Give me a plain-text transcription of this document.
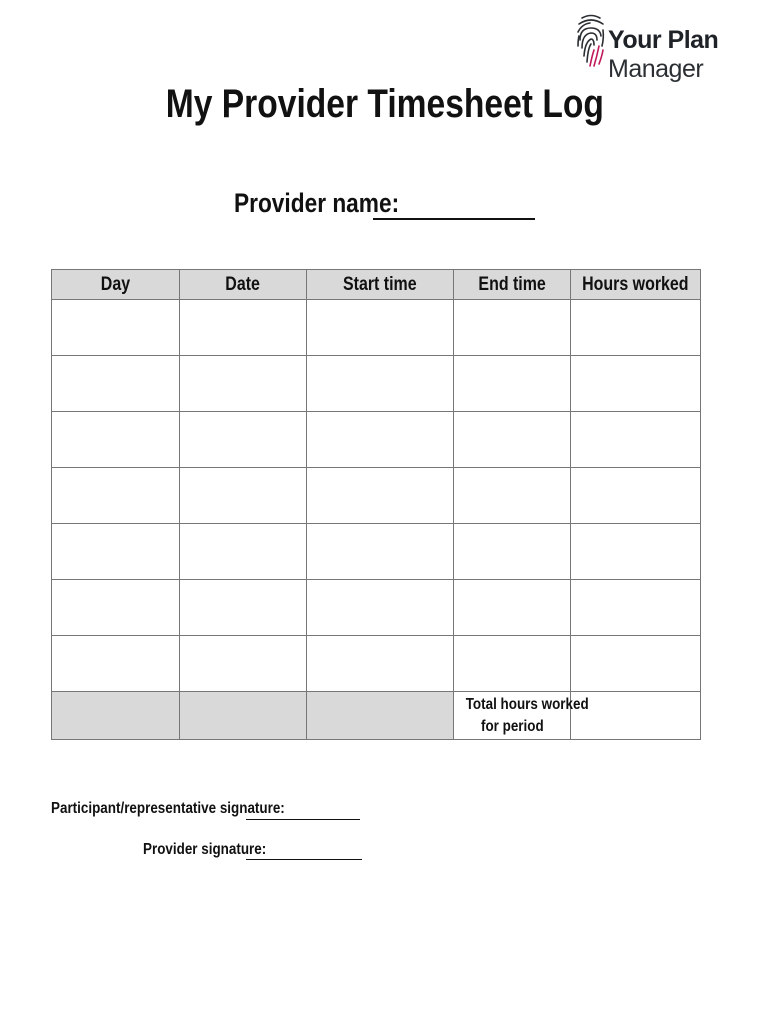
Your Plan Manager
My Provider Timesheet Log
Provider name:
Day	Date	Start time	End time	Hours worked

			Total hours worked
for period	
Participant/representative signature:
Provider signature:
